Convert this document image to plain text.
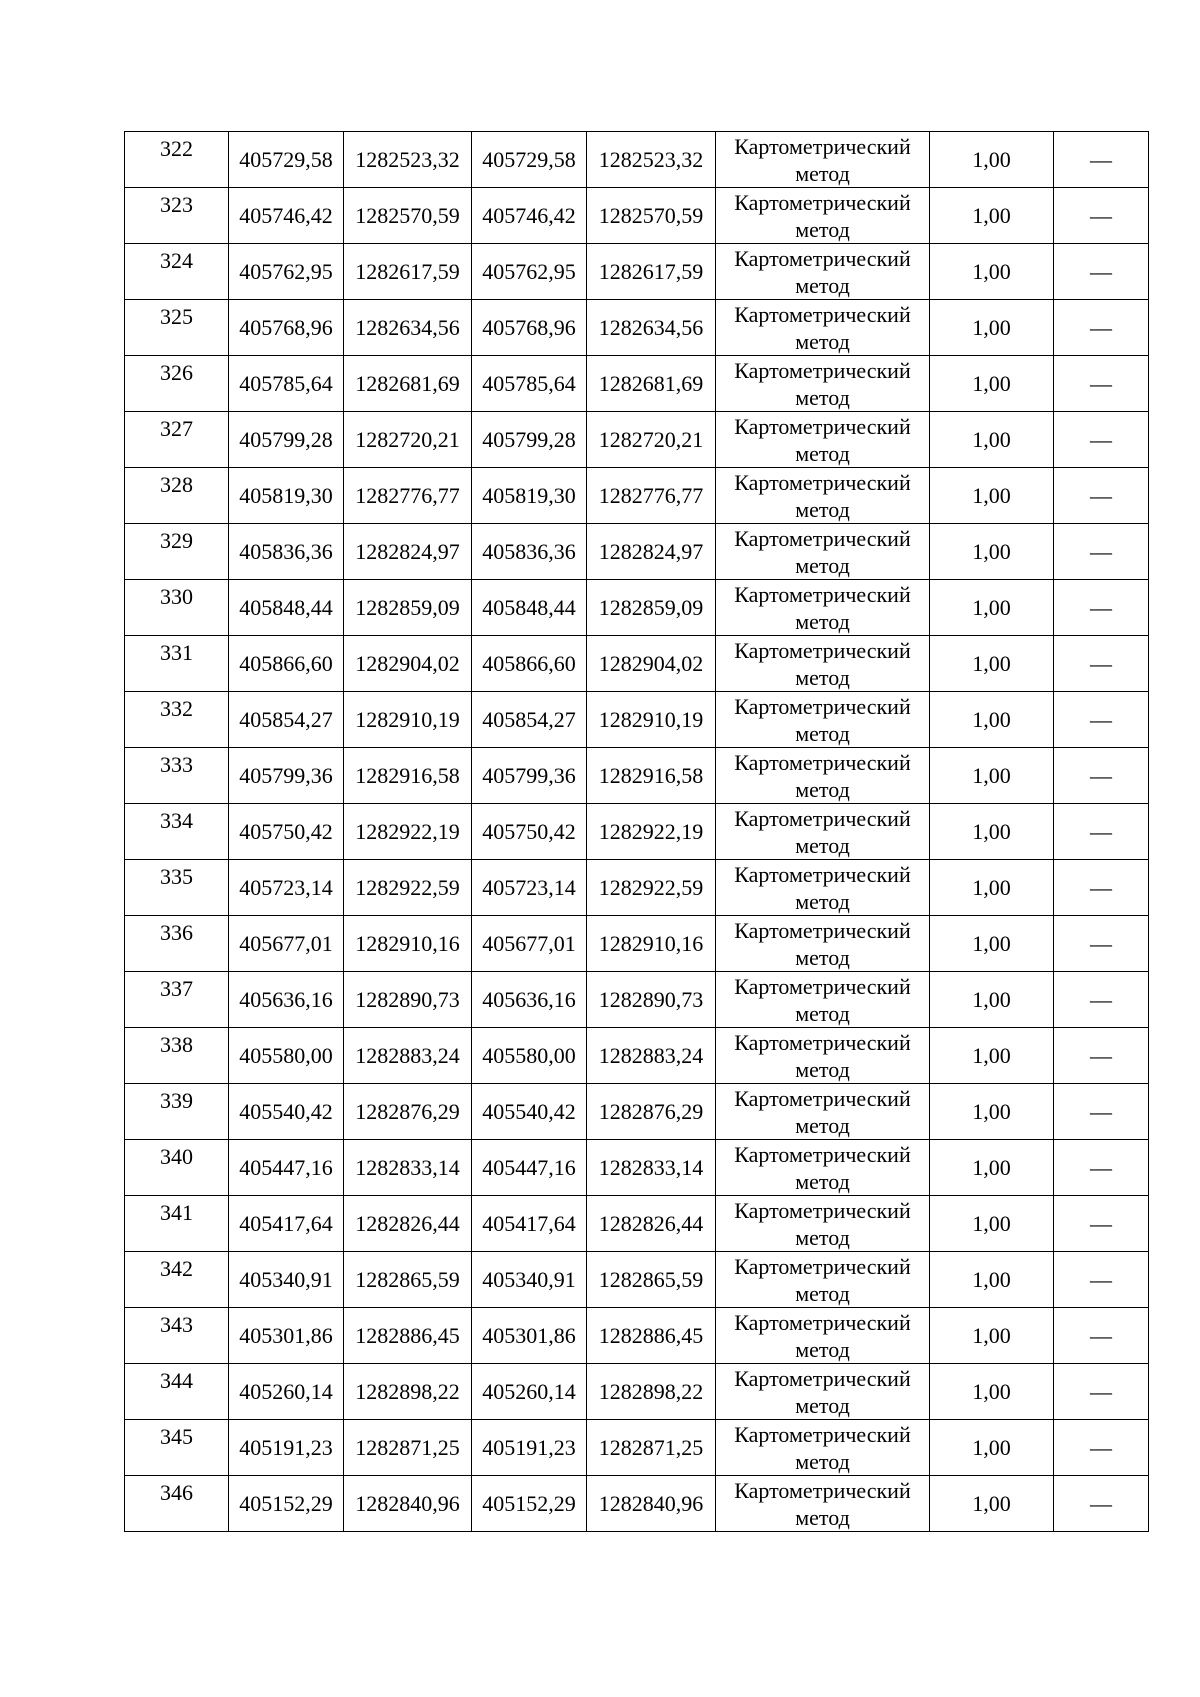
322	405729,58	1282523,32	405729,58	1282523,32	Картометрический
метод	1,00	—
323	405746,42	1282570,59	405746,42	1282570,59	Картометрический
метод	1,00	—
324	405762,95	1282617,59	405762,95	1282617,59	Картометрический
метод	1,00	—
325	405768,96	1282634,56	405768,96	1282634,56	Картометрический
метод	1,00	—
326	405785,64	1282681,69	405785,64	1282681,69	Картометрический
метод	1,00	—
327	405799,28	1282720,21	405799,28	1282720,21	Картометрический
метод	1,00	—
328	405819,30	1282776,77	405819,30	1282776,77	Картометрический
метод	1,00	—
329	405836,36	1282824,97	405836,36	1282824,97	Картометрический
метод	1,00	—
330	405848,44	1282859,09	405848,44	1282859,09	Картометрический
метод	1,00	—
331	405866,60	1282904,02	405866,60	1282904,02	Картометрический
метод	1,00	—
332	405854,27	1282910,19	405854,27	1282910,19	Картометрический
метод	1,00	—
333	405799,36	1282916,58	405799,36	1282916,58	Картометрический
метод	1,00	—
334	405750,42	1282922,19	405750,42	1282922,19	Картометрический
метод	1,00	—
335	405723,14	1282922,59	405723,14	1282922,59	Картометрический
метод	1,00	—
336	405677,01	1282910,16	405677,01	1282910,16	Картометрический
метод	1,00	—
337	405636,16	1282890,73	405636,16	1282890,73	Картометрический
метод	1,00	—
338	405580,00	1282883,24	405580,00	1282883,24	Картометрический
метод	1,00	—
339	405540,42	1282876,29	405540,42	1282876,29	Картометрический
метод	1,00	—
340	405447,16	1282833,14	405447,16	1282833,14	Картометрический
метод	1,00	—
341	405417,64	1282826,44	405417,64	1282826,44	Картометрический
метод	1,00	—
342	405340,91	1282865,59	405340,91	1282865,59	Картометрический
метод	1,00	—
343	405301,86	1282886,45	405301,86	1282886,45	Картометрический
метод	1,00	—
344	405260,14	1282898,22	405260,14	1282898,22	Картометрический
метод	1,00	—
345	405191,23	1282871,25	405191,23	1282871,25	Картометрический
метод	1,00	—
346	405152,29	1282840,96	405152,29	1282840,96	Картометрический
метод	1,00	—
